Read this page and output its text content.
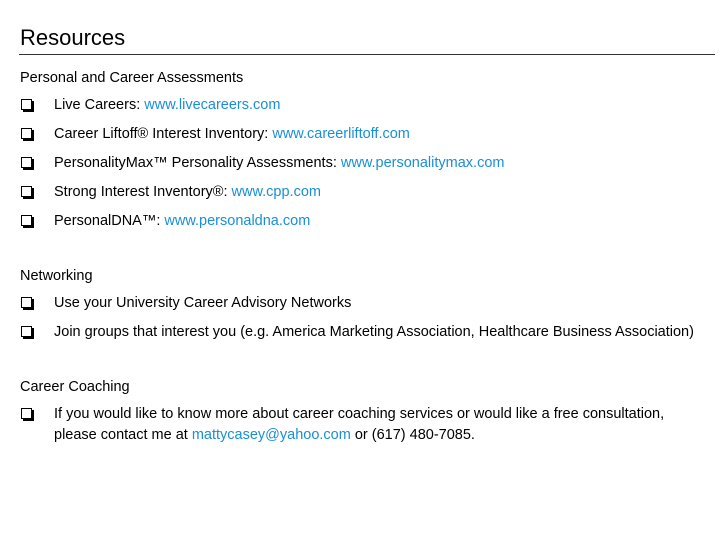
Resources
Personal and Career Assessments
Live Careers: www.livecareers.com
Career Liftoff® Interest Inventory: www.careerliftoff.com
PersonalityMax™ Personality Assessments: www.personalitymax.com
Strong Interest Inventory®: www.cpp.com
PersonalDNA™: www.personaldna.com
Networking
Use your University Career Advisory Networks
Join groups that interest you (e.g. America Marketing Association, Healthcare Business Association)
Career Coaching
If you would like to know more about career coaching services or would like a free consultation, please contact me at mattycasey@yahoo.com or (617) 480-7085.
